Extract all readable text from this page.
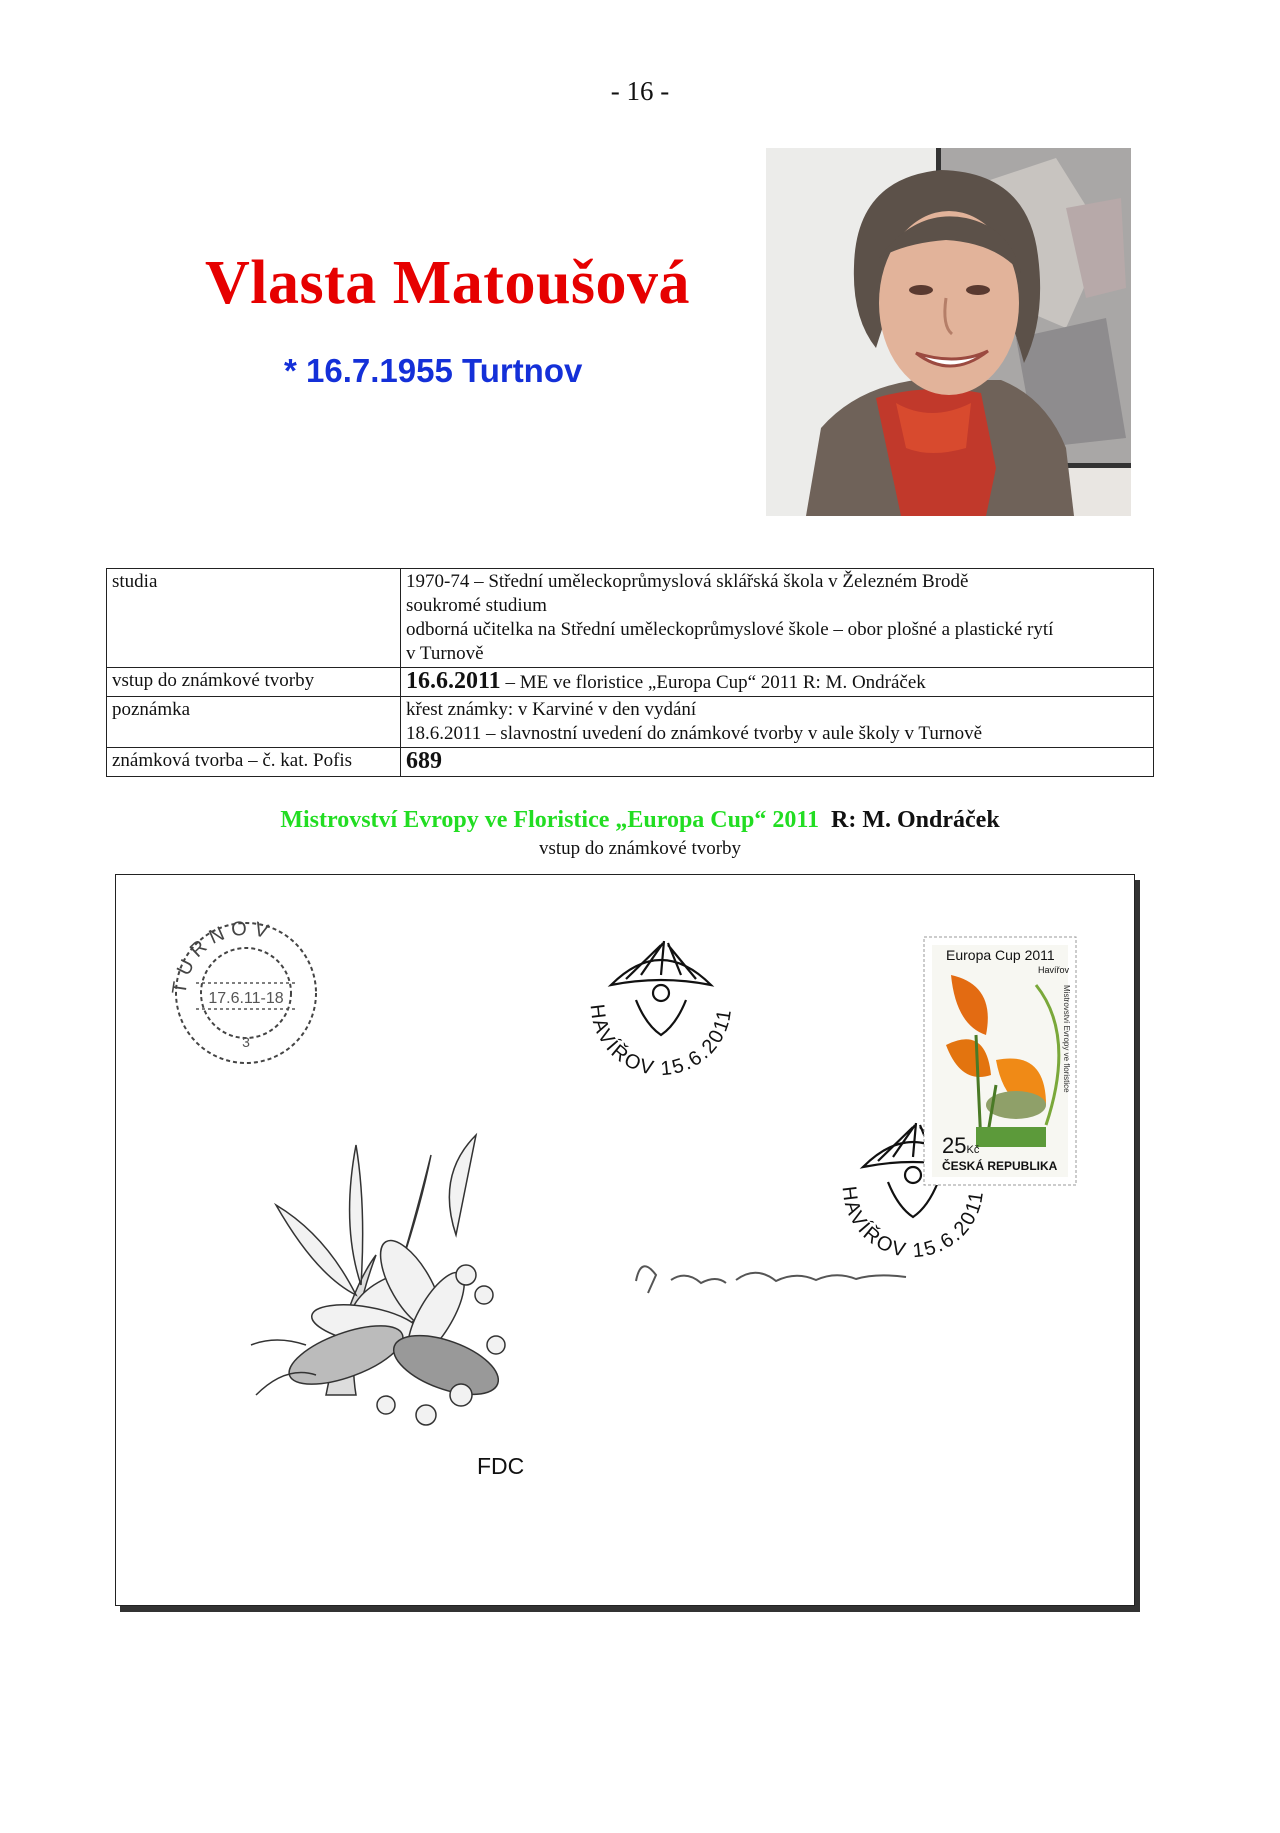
- 16 -
Vlasta Matoušová
* 16.7.1955 Turtnov
studia	1970-74 – Střední uměleckoprůmyslová sklářská škola v Železném Brodě
soukromé studium
odborná učitelka na Střední uměleckoprůmyslové škole – obor plošné a plastické rytí
v Turnově

vstup do známkové tvorby	16.6.2011 – ME ve floristice „Europa Cup“ 2011 R: M. Ondráček
poznámka	křest známky: v Karviné v den vydání
18.6.2011 – slavnostní uvedení do známkové tvorby v aule školy v Turnově

známková tvorba – č. kat. Pofis	689
Mistrovství Evropy ve Floristice „Europa Cup“ 2011 R: M. Ondráček
vstup do známkové tvorby
TURNOV
17.6.11-18
3
HAVÍŘOV 15.6.2011
HAVÍŘOV 15.6.2011
Europa Cup 2011
Havířov
Mistrovství Evropy ve floristice
25Kč
ČESKÁ REPUBLIKA
FDC
